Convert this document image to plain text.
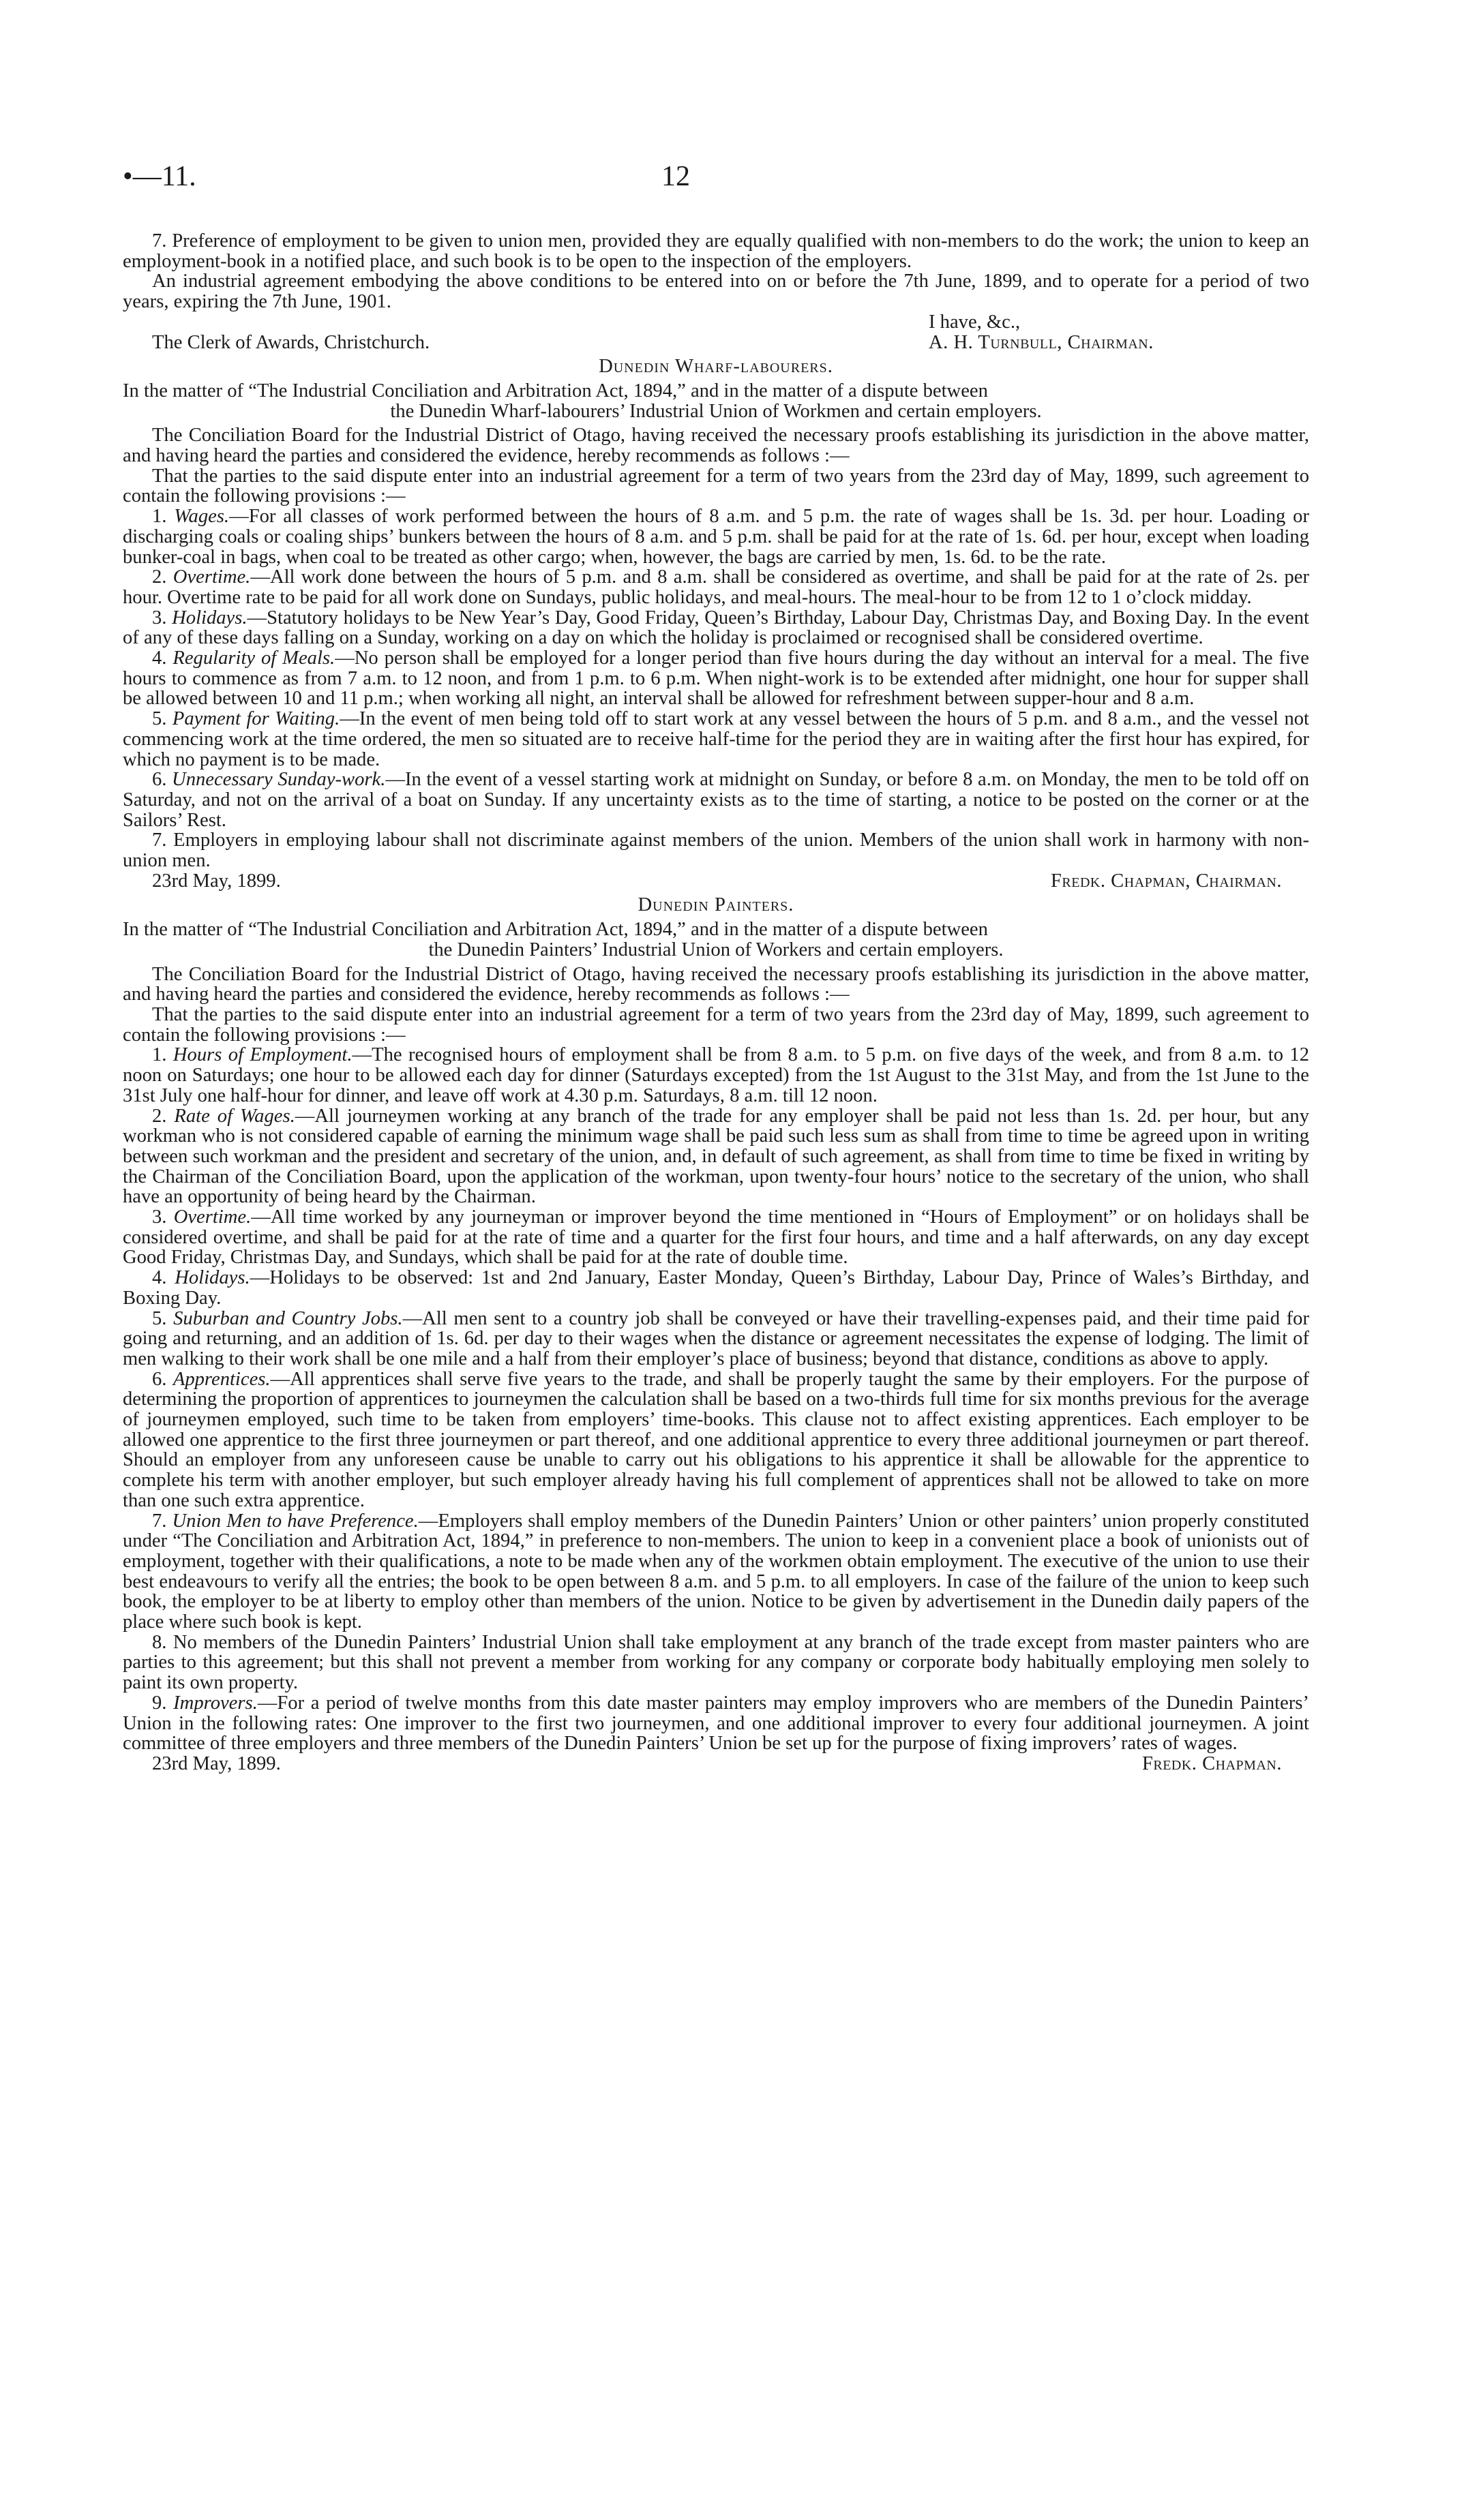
•—11.	12

7. Preference of employment to be given to union men, provided they are equally qualified with non-members to do the work; the union to keep an employment-book in a notified place, and such book is to be open to the inspection of the employers.

An industrial agreement embodying the above conditions to be entered into on or before the 7th June, 1899, and to operate for a period of two years, expiring the 7th June, 1901.

I have, &c.,
The Clerk of Awards, Christchurch.	A. H. Turnbull, Chairman.
Dunedin Wharf-labourers.

In the matter of “The Industrial Conciliation and Arbitration Act, 1894,” and in the matter of a dispute between

the Dunedin Wharf-labourers’ Industrial Union of Workmen and certain employers.

The Conciliation Board for the Industrial District of Otago, having received the necessary proofs establishing its jurisdiction in the above matter, and having heard the parties and considered the evidence, hereby recommends as follows :—

That the parties to the said dispute enter into an industrial agreement for a term of two years from the 23rd day of May, 1899, such agreement to contain the following provisions :—

1. Wages.—For all classes of work performed between the hours of 8 a.m. and 5 p.m. the rate of wages shall be 1s. 3d. per hour. Loading or discharging coals or coaling ships’ bunkers between the hours of 8 a.m. and 5 p.m. shall be paid for at the rate of 1s. 6d. per hour, except when loading bunker-coal in bags, when coal to be treated as other cargo; when, however, the bags are carried by men, 1s. 6d. to be the rate.

2. Overtime.—All work done between the hours of 5 p.m. and 8 a.m. shall be considered as overtime, and shall be paid for at the rate of 2s. per hour. Overtime rate to be paid for all work done on Sundays, public holidays, and meal-hours. The meal-hour to be from 12 to 1 o’clock midday.

3. Holidays.—Statutory holidays to be New Year’s Day, Good Friday, Queen’s Birthday, Labour Day, Christmas Day, and Boxing Day. In the event of any of these days falling on a Sunday, working on a day on which the holiday is proclaimed or recognised shall be considered overtime.

4. Regularity of Meals.—No person shall be employed for a longer period than five hours during the day without an interval for a meal. The five hours to commence as from 7 a.m. to 12 noon, and from 1 p.m. to 6 p.m. When night-work is to be extended after midnight, one hour for supper shall be allowed between 10 and 11 p.m.; when working all night, an interval shall be allowed for refreshment between supper-hour and 8 a.m.

5. Payment for Waiting.—In the event of men being told off to start work at any vessel between the hours of 5 p.m. and 8 a.m., and the vessel not commencing work at the time ordered, the men so situated are to receive half-time for the period they are in waiting after the first hour has expired, for which no payment is to be made.

6. Unnecessary Sunday-work.—In the event of a vessel starting work at midnight on Sunday, or before 8 a.m. on Monday, the men to be told off on Saturday, and not on the arrival of a boat on Sunday. If any uncertainty exists as to the time of starting, a notice to be posted on the corner or at the Sailors’ Rest.

7. Employers in employing labour shall not discriminate against members of the union. Members of the union shall work in harmony with non-union men.

23rd May, 1899.	Fredk. Chapman, Chairman.
Dunedin Painters.

In the matter of “The Industrial Conciliation and Arbitration Act, 1894,” and in the matter of a dispute between

the Dunedin Painters’ Industrial Union of Workers and certain employers.

The Conciliation Board for the Industrial District of Otago, having received the necessary proofs establishing its jurisdiction in the above matter, and having heard the parties and considered the evidence, hereby recommends as follows :—

That the parties to the said dispute enter into an industrial agreement for a term of two years from the 23rd day of May, 1899, such agreement to contain the following provisions :—

1. Hours of Employment.—The recognised hours of employment shall be from 8 a.m. to 5 p.m. on five days of the week, and from 8 a.m. to 12 noon on Saturdays; one hour to be allowed each day for dinner (Saturdays excepted) from the 1st August to the 31st May, and from the 1st June to the 31st July one half-hour for dinner, and leave off work at 4.30 p.m. Saturdays, 8 a.m. till 12 noon.

2. Rate of Wages.—All journeymen working at any branch of the trade for any employer shall be paid not less than 1s. 2d. per hour, but any workman who is not considered capable of earning the minimum wage shall be paid such less sum as shall from time to time be agreed upon in writing between such workman and the president and secretary of the union, and, in default of such agreement, as shall from time to time be fixed in writing by the Chairman of the Conciliation Board, upon the application of the workman, upon twenty-four hours’ notice to the secretary of the union, who shall have an opportunity of being heard by the Chairman.

3. Overtime.—All time worked by any journeyman or improver beyond the time mentioned in “Hours of Employment” or on holidays shall be considered overtime, and shall be paid for at the rate of time and a quarter for the first four hours, and time and a half afterwards, on any day except Good Friday, Christmas Day, and Sundays, which shall be paid for at the rate of double time.

4. Holidays.—Holidays to be observed: 1st and 2nd January, Easter Monday, Queen’s Birthday, Labour Day, Prince of Wales’s Birthday, and Boxing Day.

5. Suburban and Country Jobs.—All men sent to a country job shall be conveyed or have their travelling-expenses paid, and their time paid for going and returning, and an addition of 1s. 6d. per day to their wages when the distance or agreement necessitates the expense of lodging. The limit of men walking to their work shall be one mile and a half from their employer’s place of business; beyond that distance, conditions as above to apply.

6. Apprentices.—All apprentices shall serve five years to the trade, and shall be properly taught the same by their employers. For the purpose of determining the proportion of apprentices to journeymen the calculation shall be based on a two-thirds full time for six months previous for the average of journeymen employed, such time to be taken from employers’ time-books. This clause not to affect existing apprentices. Each employer to be allowed one apprentice to the first three journeymen or part thereof, and one additional apprentice to every three additional journeymen or part thereof. Should an employer from any unforeseen cause be unable to carry out his obligations to his apprentice it shall be allowable for the apprentice to complete his term with another employer, but such employer already having his full complement of apprentices shall not be allowed to take on more than one such extra apprentice.

7. Union Men to have Preference.—Employers shall employ members of the Dunedin Painters’ Union or other painters’ union properly constituted under “The Conciliation and Arbitration Act, 1894,” in preference to non-members. The union to keep in a convenient place a book of unionists out of employment, together with their qualifications, a note to be made when any of the workmen obtain employment. The executive of the union to use their best endeavours to verify all the entries; the book to be open between 8 a.m. and 5 p.m. to all employers. In case of the failure of the union to keep such book, the employer to be at liberty to employ other than members of the union. Notice to be given by advertisement in the Dunedin daily papers of the place where such book is kept.

8. No members of the Dunedin Painters’ Industrial Union shall take employment at any branch of the trade except from master painters who are parties to this agreement; but this shall not prevent a member from working for any company or corporate body habitually employing men solely to paint its own property.

9. Improvers.—For a period of twelve months from this date master painters may employ improvers who are members of the Dunedin Painters’ Union in the following rates: One improver to the first two journeymen, and one additional improver to every four additional journeymen. A joint committee of three employers and three members of the Dunedin Painters’ Union be set up for the purpose of fixing improvers’ rates of wages.

23rd May, 1899.	Fredk. Chapman.
